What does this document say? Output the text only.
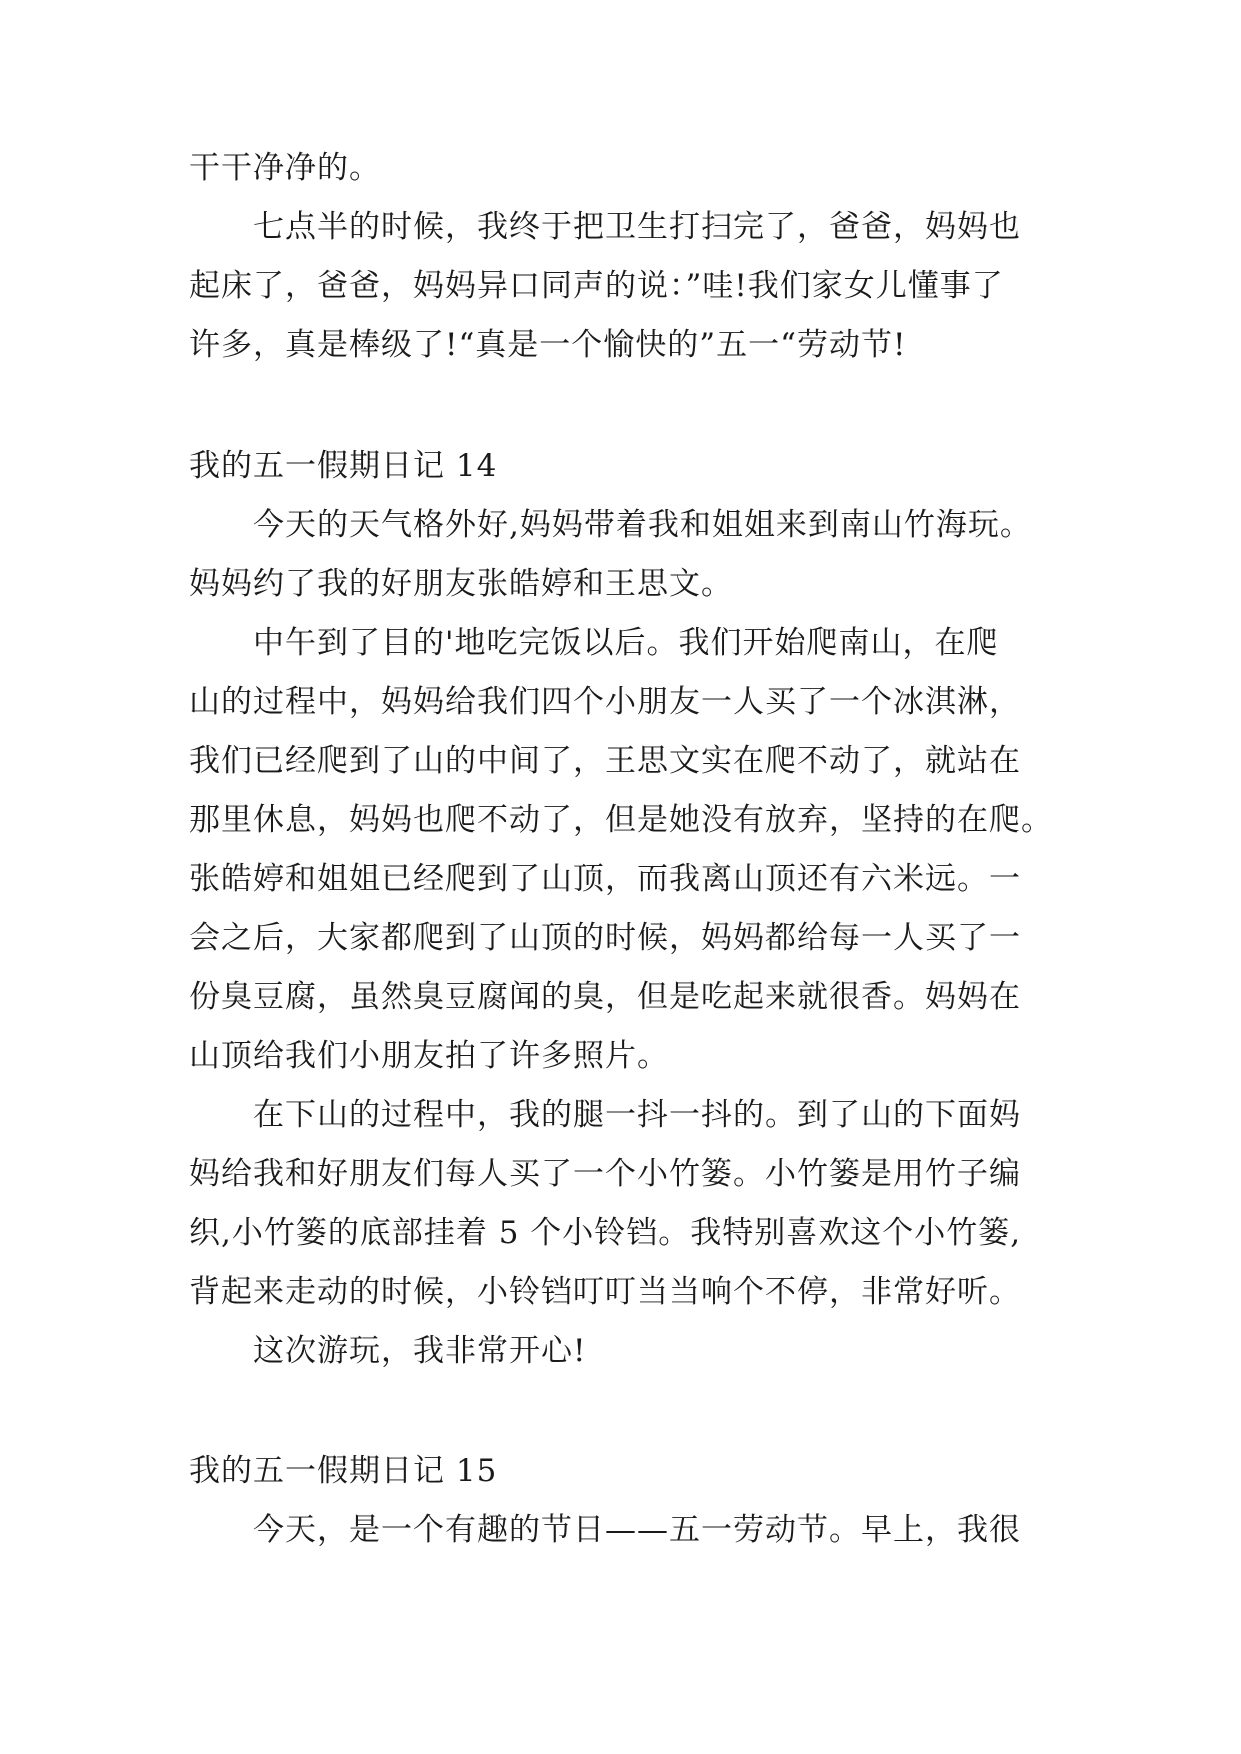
干干净净的。
七点半的时候，我终于把卫生打扫完了，爸爸，妈妈也
起床了，爸爸，妈妈异口同声的说：”哇!我们家女儿懂事了
许多，真是棒级了!“真是一个愉快的”五一“劳动节!
我的五一假期日记 14
今天的天气格外好,妈妈带着我和姐姐来到南山竹海玩。
妈妈约了我的好朋友张皓婷和王思文。
中午到了目的'地吃完饭以后。我们开始爬南山，在爬
山的过程中，妈妈给我们四个小朋友一人买了一个冰淇淋，
我们已经爬到了山的中间了，王思文实在爬不动了，就站在
那里休息，妈妈也爬不动了，但是她没有放弃，坚持的在爬。
张皓婷和姐姐已经爬到了山顶，而我离山顶还有六米远。一
会之后，大家都爬到了山顶的时候，妈妈都给每一人买了一
份臭豆腐，虽然臭豆腐闻的臭，但是吃起来就很香。妈妈在
山顶给我们小朋友拍了许多照片。
在下山的过程中，我的腿一抖一抖的。到了山的下面妈
妈给我和好朋友们每人买了一个小竹篓。小竹篓是用竹子编
织,小竹篓的底部挂着 5 个小铃铛。我特别喜欢这个小竹篓,
背起来走动的时候，小铃铛叮叮当当响个不停，非常好听。
这次游玩，我非常开心!
我的五一假期日记 15
今天，是一个有趣的节日——五一劳动节。早上，我很
